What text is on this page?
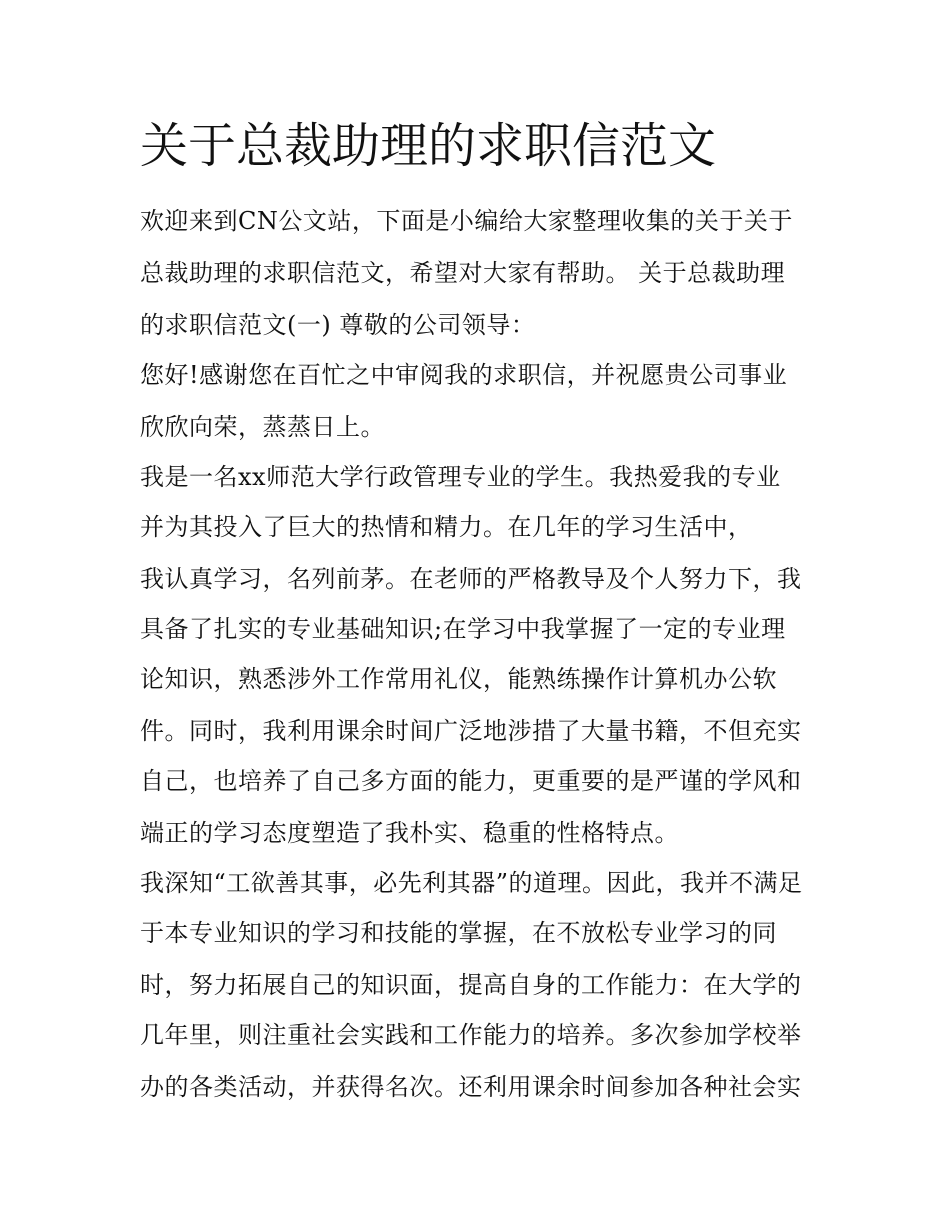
关于总裁助理的求职信范文
欢迎来到CN公文站，下面是小编给大家整理收集的关于关于
总裁助理的求职信范文，希望对大家有帮助。 关于总裁助理
的求职信范文(一) 尊敬的公司领导：
您好!感谢您在百忙之中审阅我的求职信，并祝愿贵公司事业
欣欣向荣，蒸蒸日上。
我是一名xx师范大学行政管理专业的学生。我热爱我的专业
并为其投入了巨大的热情和精力。在几年的学习生活中，
我认真学习，名列前茅。在老师的严格教导及个人努力下，我
具备了扎实的专业基础知识;在学习中我掌握了一定的专业理
论知识，熟悉涉外工作常用礼仪，能熟练操作计算机办公软
件。同时，我利用课余时间广泛地涉措了大量书籍，不但充实
自己，也培养了自己多方面的能力，更重要的是严谨的学风和
端正的学习态度塑造了我朴实、稳重的性格特点。
我深知“工欲善其事，必先利其器”的道理。因此，我并不满足
于本专业知识的学习和技能的掌握，在不放松专业学习的同
时，努力拓展自己的知识面，提高自身的工作能力：在大学的
几年里，则注重社会实践和工作能力的培养。多次参加学校举
办的各类活动，并获得名次。还利用课余时间参加各种社会实
